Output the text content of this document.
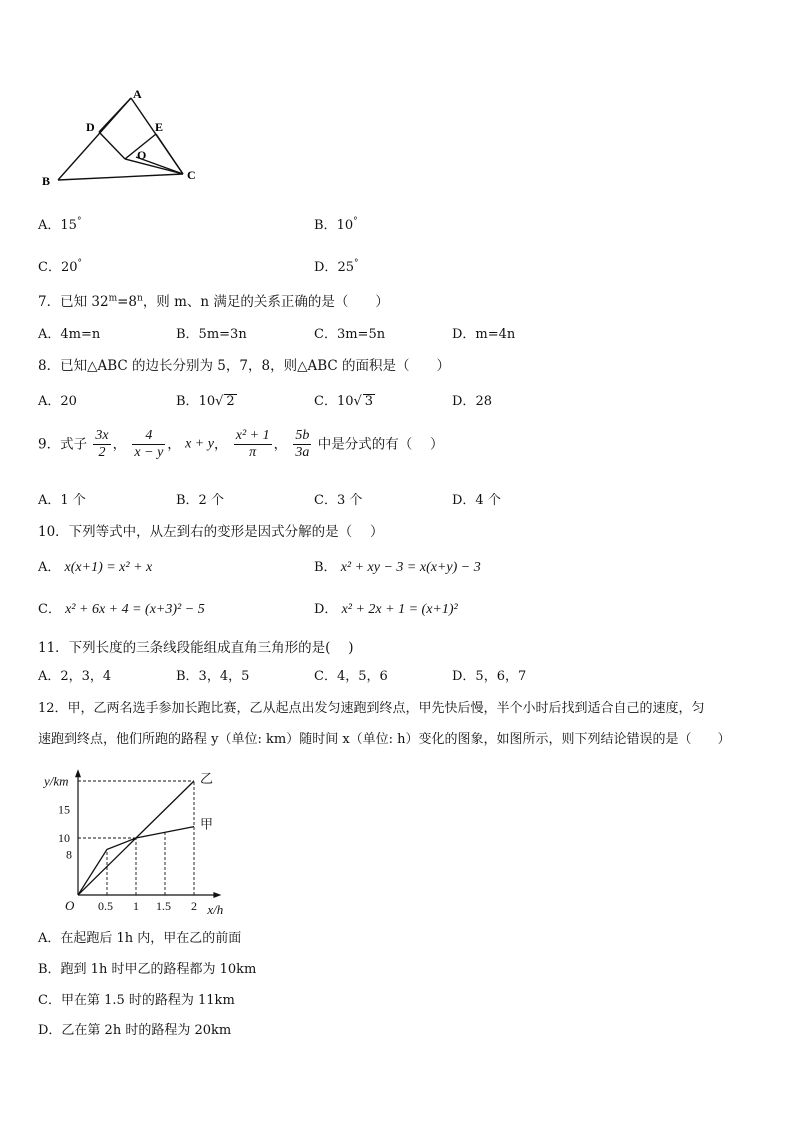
A
D	E
O
B	C
A．15°	B．10°
C．20°	D．25°
7．已知 $32^m=8^n$，则 m、n 满足的关系正确的是（　　）
A．4m=n	B．5m=3n	C．3m=5n	D．m=4n
8．已知△ABC 的边长分别为 5，7，8，则△ABC 的面积是（　　）
A．20	B．10√ 2	C．10√ 3	D．28
9．式子 $\frac{3x}{2}$ ， $\frac{4}{x - y}$ ， x + y， $\frac{\text{x² + 1}}{\pi}$ ， $\frac{5b}{3a}$ 中是分式的有（　 ）
A．1 个	B．2 个	C．3 个	D．4 个
10．下列等式中，从左到右的变形是因式分解的是（　 ）
A． x(x+1) = x² + x	B． x² + xy − 3 = x(x+y) − 3
C． x² + 6x + 4 = (x+3)² − 5	D． x² + 2x + 1 = (x+1)²
11．下列长度的三条线段能组成直角三角形的是(　 )
A．2，3，4	B．3，4，5	C．4，5，6	D．5，6，7
12．甲，乙两名选手参加长跑比赛，乙从起点出发匀速跑到终点，甲先快后慢，半个小时后找到适合自己的速度，匀
速跑到终点，他们所跑的路程 y（单位: km）随时间 x（单位: h）变化的图象，如图所示，则下列结论错误的是（　　）
y/km
x/h
O 0.5 1 1.5 2
8
10
15
甲
乙
A．在起跑后 1h 内，甲在乙的前面
B．跑到 1h 时甲乙的路程都为 10km
C．甲在第 1.5 时的路程为 11km
D．乙在第 2h 时的路程为 20km
